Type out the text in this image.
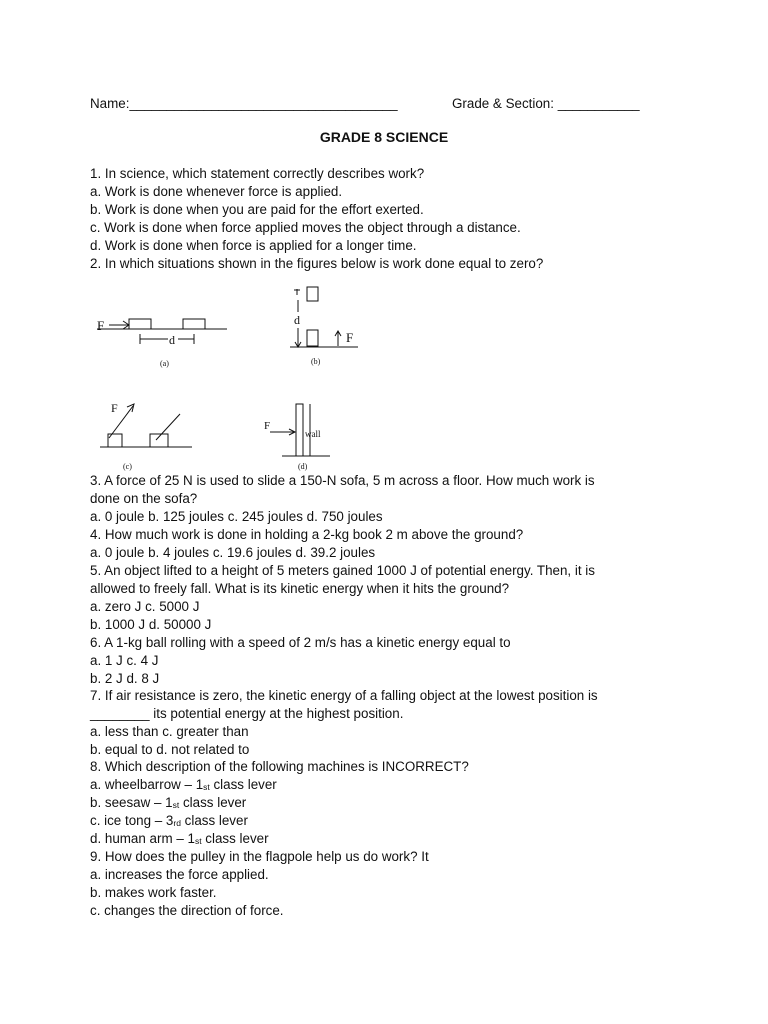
Name:____________________________________	Grade & Section: ___________
GRADE 8 SCIENCE
1. In science, which statement correctly describes work?
a. Work is done whenever force is applied.
b. Work is done when you are paid for the effort exerted.
c. Work is done when force applied moves the object through a distance.
d. Work is done when force is applied for a longer time.
2. In which situations shown in the figures below is work done equal to zero?
F
d
(a)
d
F
(b)
F
(c)
F
wall
(d)
3. A force of 25 N is used to slide a 150-N sofa, 5 m across a floor. How much work is
done on the sofa?
a. 0 joule b. 125 joules c. 245 joules d. 750 joules
4. How much work is done in holding a 2-kg book 2 m above the ground?
a. 0 joule b. 4 joules c. 19.6 joules d. 39.2 joules
5. An object lifted to a height of 5 meters gained 1000 J of potential energy. Then, it is
allowed to freely fall. What is its kinetic energy when it hits the ground?
a. zero J c. 5000 J
b. 1000 J d. 50000 J
6. A 1-kg ball rolling with a speed of 2 m/s has a kinetic energy equal to
a. 1 J c. 4 J
b. 2 J d. 8 J
7. If air resistance is zero, the kinetic energy of a falling object at the lowest position is
________ its potential energy at the highest position.
a. less than c. greater than
b. equal to d. not related to
8. Which description of the following machines is INCORRECT?
a. wheelbarrow – 1st class lever
b. seesaw – 1st class lever
c. ice tong – 3rd class lever
d. human arm – 1st class lever
9. How does the pulley in the flagpole help us do work? It
a. increases the force applied.
b. makes work faster.
c. changes the direction of force.
